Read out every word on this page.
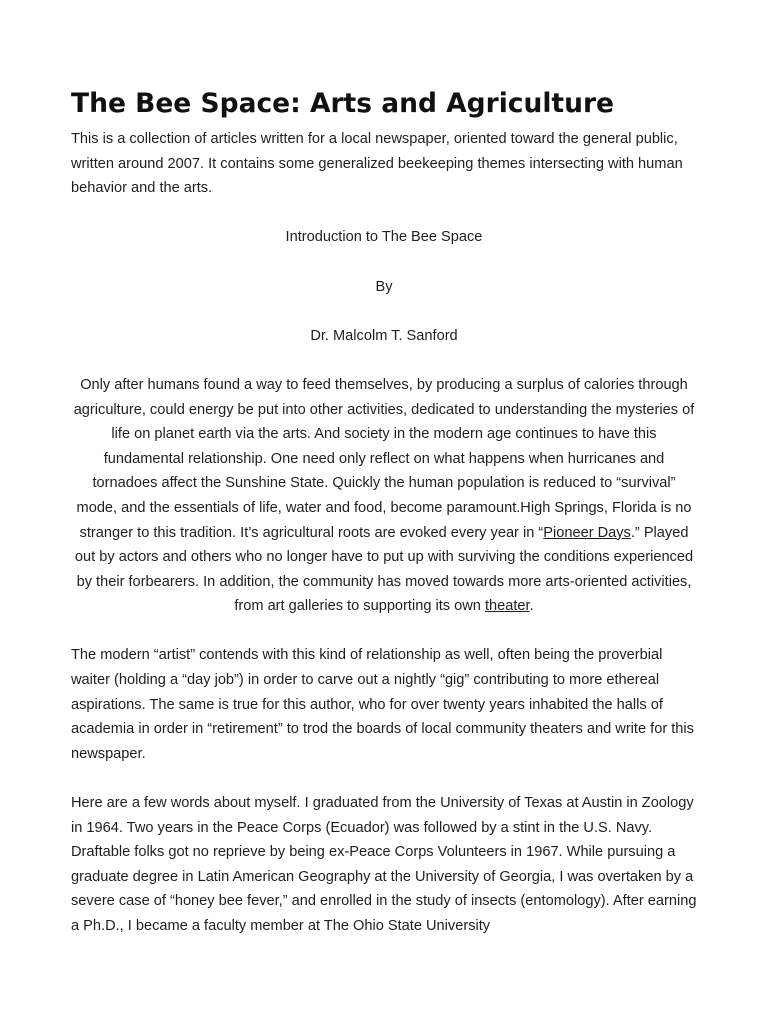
The Bee Space: Arts and Agriculture

This is a collection of articles written for a local newspaper, oriented toward the general public, written around 2007. It contains some generalized beekeeping themes intersecting with human behavior and the arts.

Introduction to The Bee Space

By

Dr. Malcolm T. Sanford

Only after humans found a way to feed themselves, by producing a surplus of calories through agriculture, could energy be put into other activities, dedicated to understanding the mysteries of life on planet earth via the arts. And society in the modern age continues to have this fundamental relationship. One need only reflect on what happens when hurricanes and tornadoes affect the Sunshine State. Quickly the human population is reduced to “survival” mode, and the essentials of life, water and food, become paramount.High Springs, Florida is no stranger to this tradition. It’s agricultural roots are evoked every year in “Pioneer Days.” Played out by actors and others who no longer have to put up with surviving the conditions experienced by their forbearers. In addition, the community has moved towards more arts-oriented activities, from art galleries to supporting its own theater.

The modern “artist” contends with this kind of relationship as well, often being the proverbial waiter (holding a “day job”) in order to carve out a nightly “gig” contributing to more ethereal aspirations. The same is true for this author, who for over twenty years inhabited the halls of academia in order in “retirement” to trod the boards of local community theaters and write for this newspaper.

Here are a few words about myself. I graduated from the University of Texas at Austin in Zoology in 1964. Two years in the Peace Corps (Ecuador) was followed by a stint in the U.S. Navy. Draftable folks got no reprieve by being ex-Peace Corps Volunteers in 1967. While pursuing a graduate degree in Latin American Geography at the University of Georgia, I was overtaken by a severe case of “honey bee fever,” and enrolled in the study of insects (entomology). After earning a Ph.D., I became a faculty member at The Ohio State University
